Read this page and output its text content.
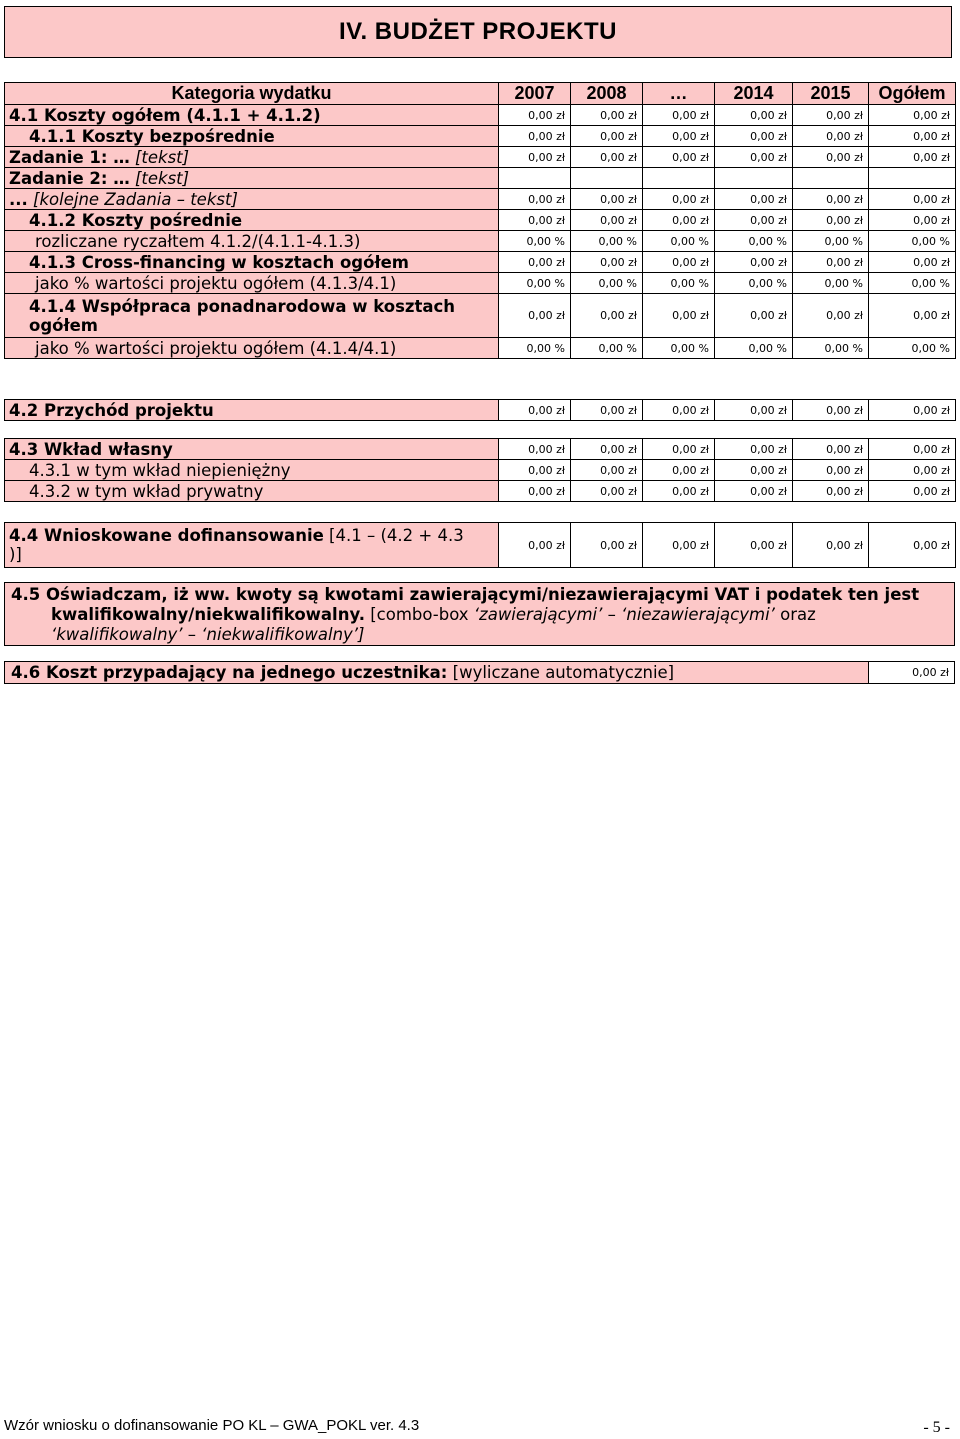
IV. BUDŻET PROJEKTU
Kategoria wydatku	2007	2008	…	2014	2015	Ogółem
4.1 Koszty ogółem (4.1.1 + 4.1.2)	0,00 zł	0,00 zł	0,00 zł	0,00 zł	0,00 zł	0,00 zł
4.1.1 Koszty bezpośrednie	0,00 zł	0,00 zł	0,00 zł	0,00 zł	0,00 zł	0,00 zł
Zadanie 1: … [tekst]	0,00 zł	0,00 zł	0,00 zł	0,00 zł	0,00 zł	0,00 zł
Zadanie 2: … [tekst]						
... [kolejne Zadania – tekst]	0,00 zł	0,00 zł	0,00 zł	0,00 zł	0,00 zł	0,00 zł
4.1.2 Koszty pośrednie	0,00 zł	0,00 zł	0,00 zł	0,00 zł	0,00 zł	0,00 zł
rozliczane ryczałtem 4.1.2/(4.1.1-4.1.3)	0,00 %	0,00 %	0,00 %	0,00 %	0,00 %	0,00 %
4.1.3 Cross-financing w kosztach ogółem	0,00 zł	0,00 zł	0,00 zł	0,00 zł	0,00 zł	0,00 zł
jako % wartości projektu ogółem (4.1.3/4.1)	0,00 %	0,00 %	0,00 %	0,00 %	0,00 %	0,00 %
4.1.4 Współpraca ponadnarodowa w kosztach ogółem	0,00 zł	0,00 zł	0,00 zł	0,00 zł	0,00 zł	0,00 zł
jako % wartości projektu ogółem (4.1.4/4.1)	0,00 %	0,00 %	0,00 %	0,00 %	0,00 %	0,00 %
4.2 Przychód projektu	0,00 zł	0,00 zł	0,00 zł	0,00 zł	0,00 zł	0,00 zł
4.3 Wkład własny	0,00 zł	0,00 zł	0,00 zł	0,00 zł	0,00 zł	0,00 zł
4.3.1 w tym wkład niepieniężny	0,00 zł	0,00 zł	0,00 zł	0,00 zł	0,00 zł	0,00 zł
4.3.2 w tym wkład prywatny	0,00 zł	0,00 zł	0,00 zł	0,00 zł	0,00 zł	0,00 zł
4.4 Wnioskowane dofinansowanie [4.1 – (4.2 + 4.3 )]	0,00 zł	0,00 zł	0,00 zł	0,00 zł	0,00 zł	0,00 zł
4.5 Oświadczam, iż ww. kwoty są kwotami zawierającymi/niezawierającymi VAT i podatek ten jest kwalifikowalny/niekwalifikowalny. [combo-box ‘zawierającymi’ – ‘niezawierającymi’ oraz ‘kwalifikowalny’ – ‘niekwalifikowalny’]
4.6 Koszt przypadający na jednego uczestnika: [wyliczane automatycznie]	0,00 zł
Wzór wniosku o dofinansowanie PO KL – GWA_POKL ver. 4.3	- 5 -
